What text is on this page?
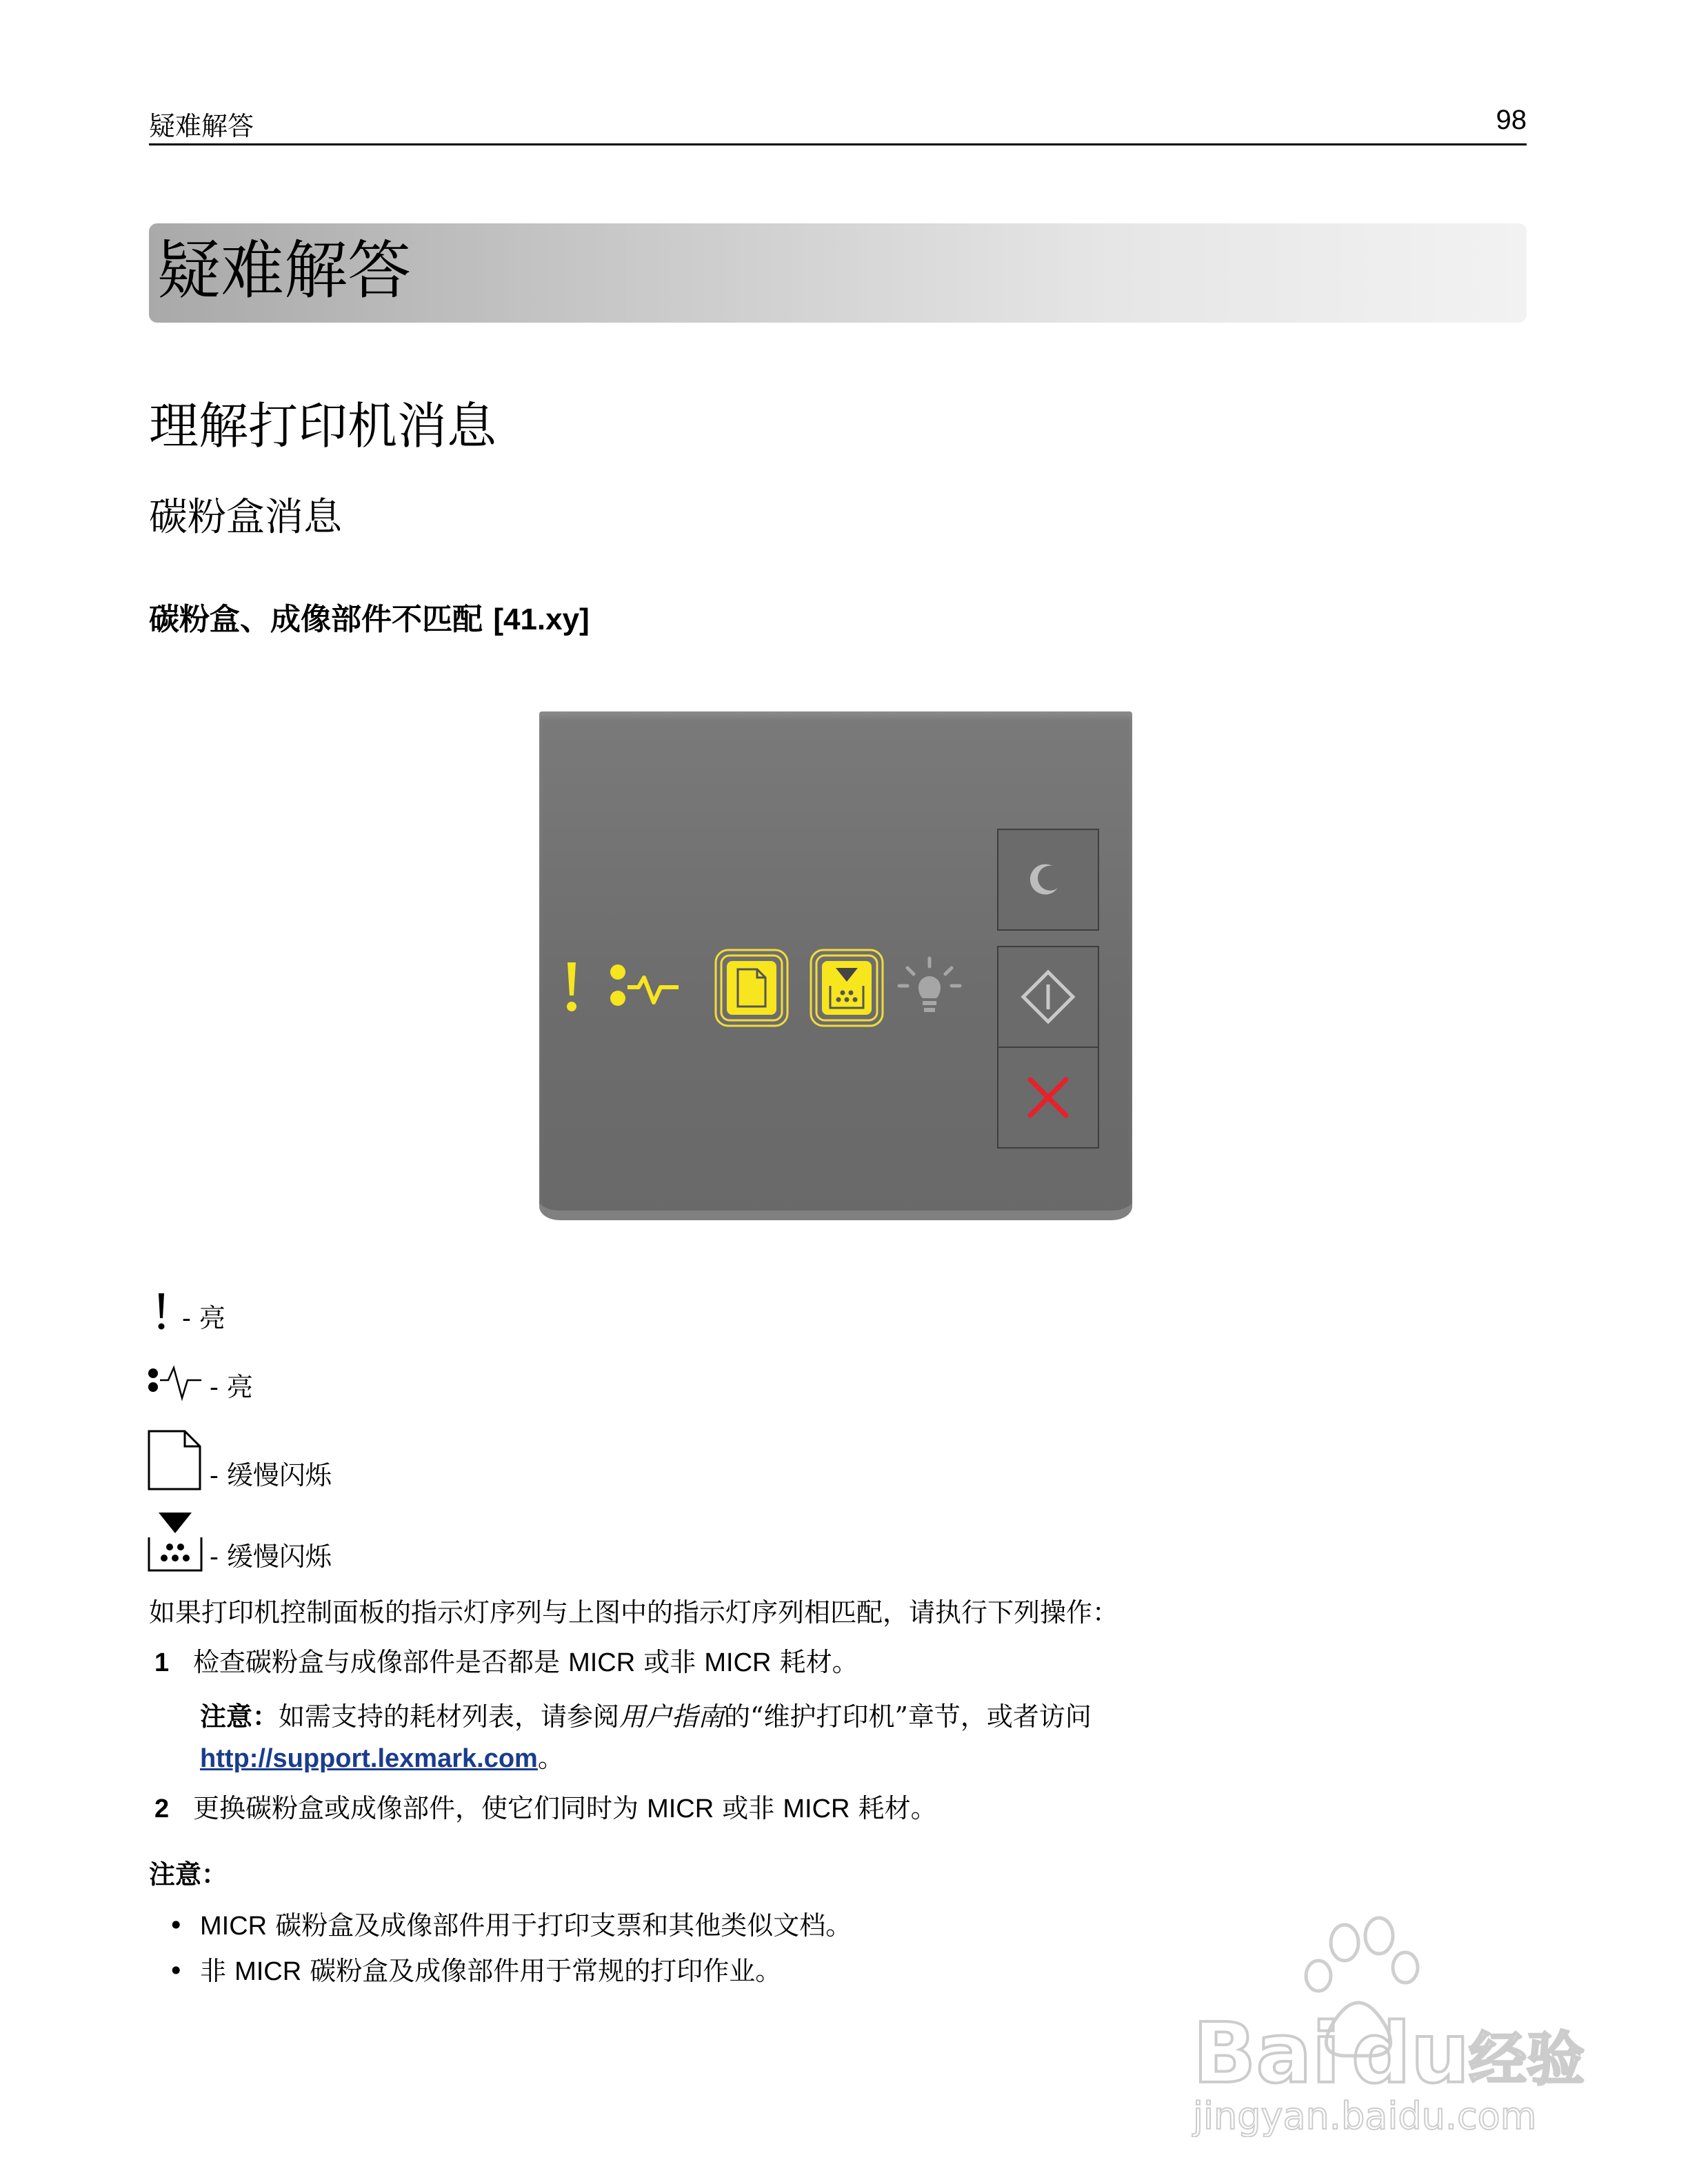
疑难解答	98
疑难解答
理解打印机消息
碳粉盒消息
碳粉盒、成像部件不匹配 [41.xy]
- 亮
- 亮
- 缓慢闪烁
- 缓慢闪烁
如果打印机控制面板的指示灯序列与上图中的指示灯序列相匹配，请执行下列操作：
1 检查碳粉盒与成像部件是否都是 MICR 或非 MICR 耗材。
注意：如需支持的耗材列表，请参阅用户指南的“维护打印机”章节，或者访问
http://support.lexmark.com。
2 更换碳粉盒或成像部件，使它们同时为 MICR 或非 MICR 耗材。
注意：
• MICR 碳粉盒及成像部件用于打印支票和其他类似文档。
• 非 MICR 碳粉盒及成像部件用于常规的打印作业。
Bai du
经验
jingyan.baidu.com
